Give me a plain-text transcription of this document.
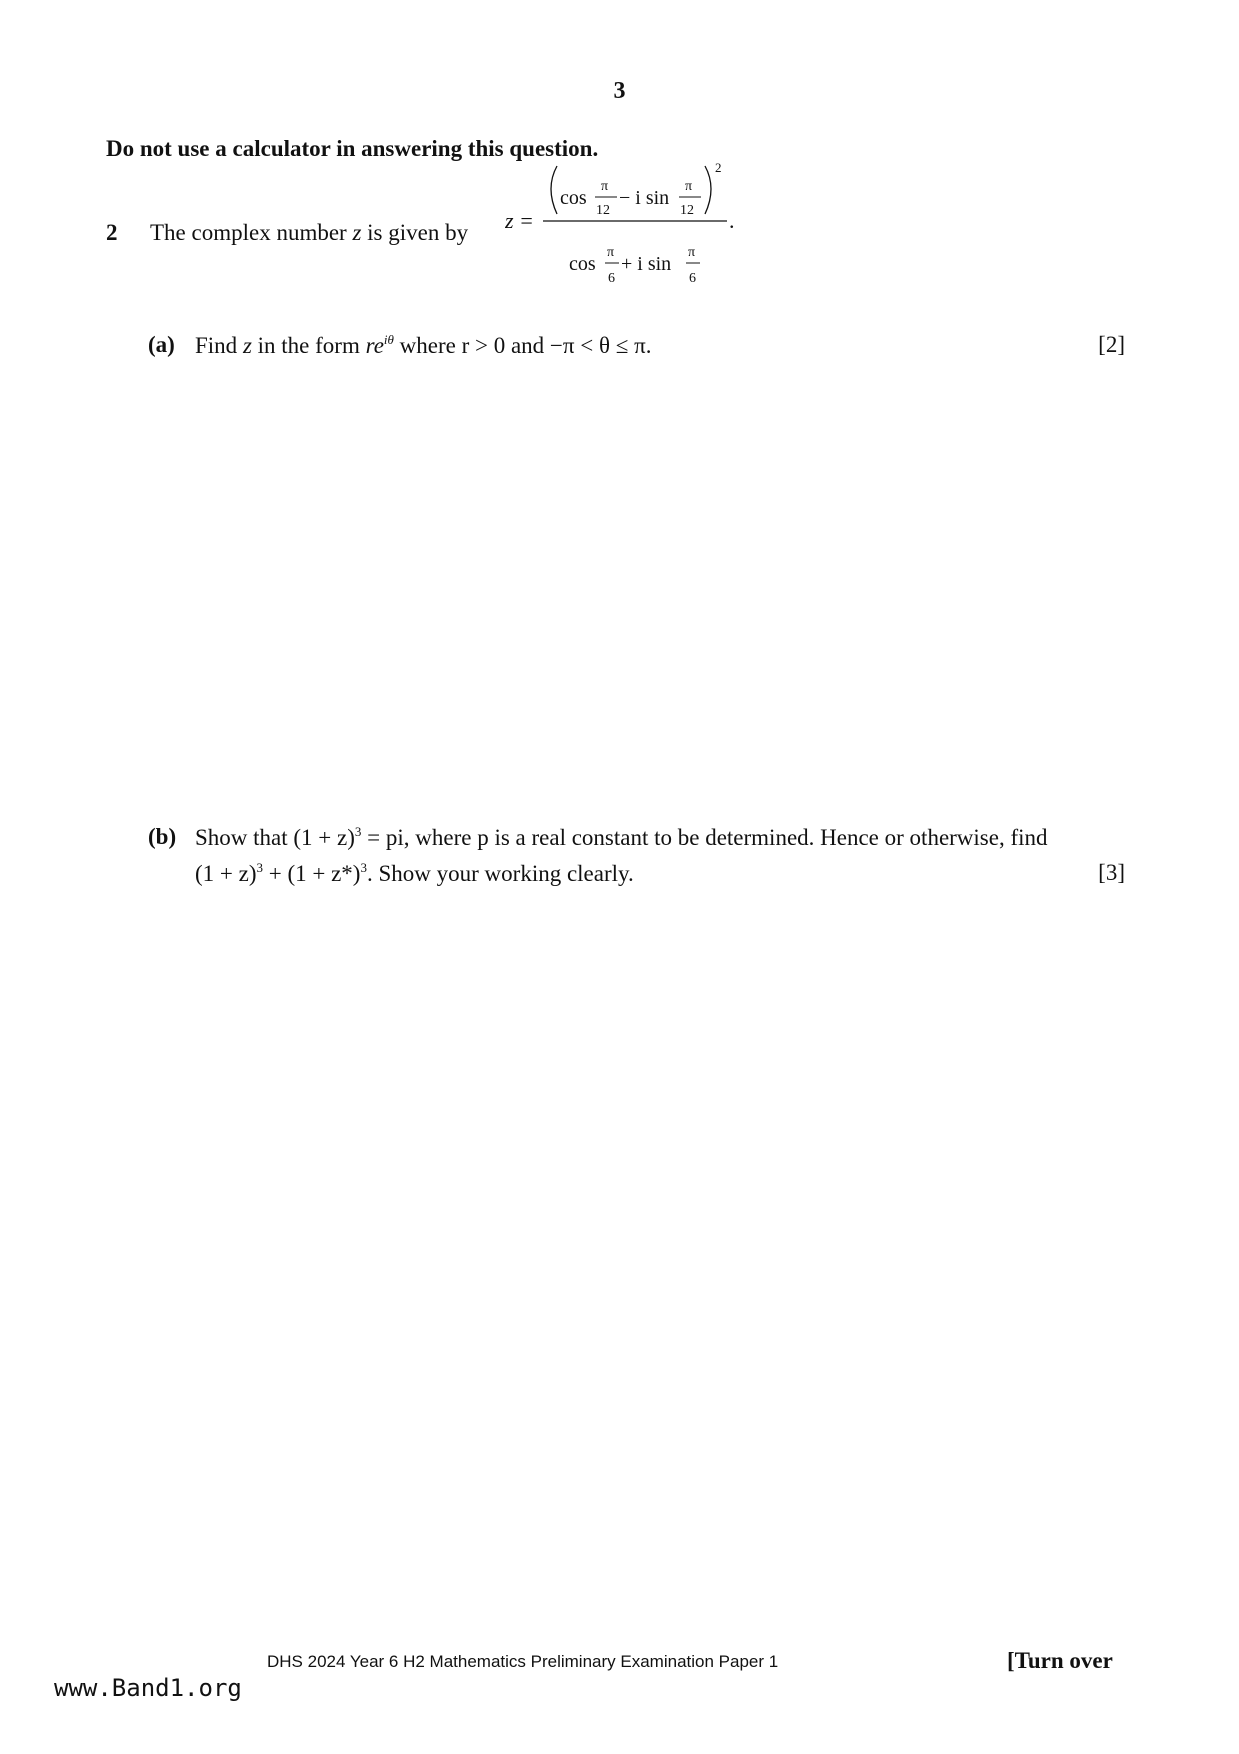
3
Do not use a calculator in answering this question.
2 The complex number z is given by z =	.
2
cos
π
12
− i sin
π
12
cos
π
6
+ i sin
π
6
(a) Find z in the form $re^{i\theta}$ where r > 0 and −π < θ ≤ π.	[2]
(b) Show that $(1 + z)^3$ = pi, where p is a real constant to be determined. Hence or otherwise, find
$(1 + z)^3 + (1 + z*)^3$. Show your working clearly.	[3]
DHS 2024 Year 6 H2 Mathematics Preliminary Examination Paper 1	[Turn over
www.Band1.org
